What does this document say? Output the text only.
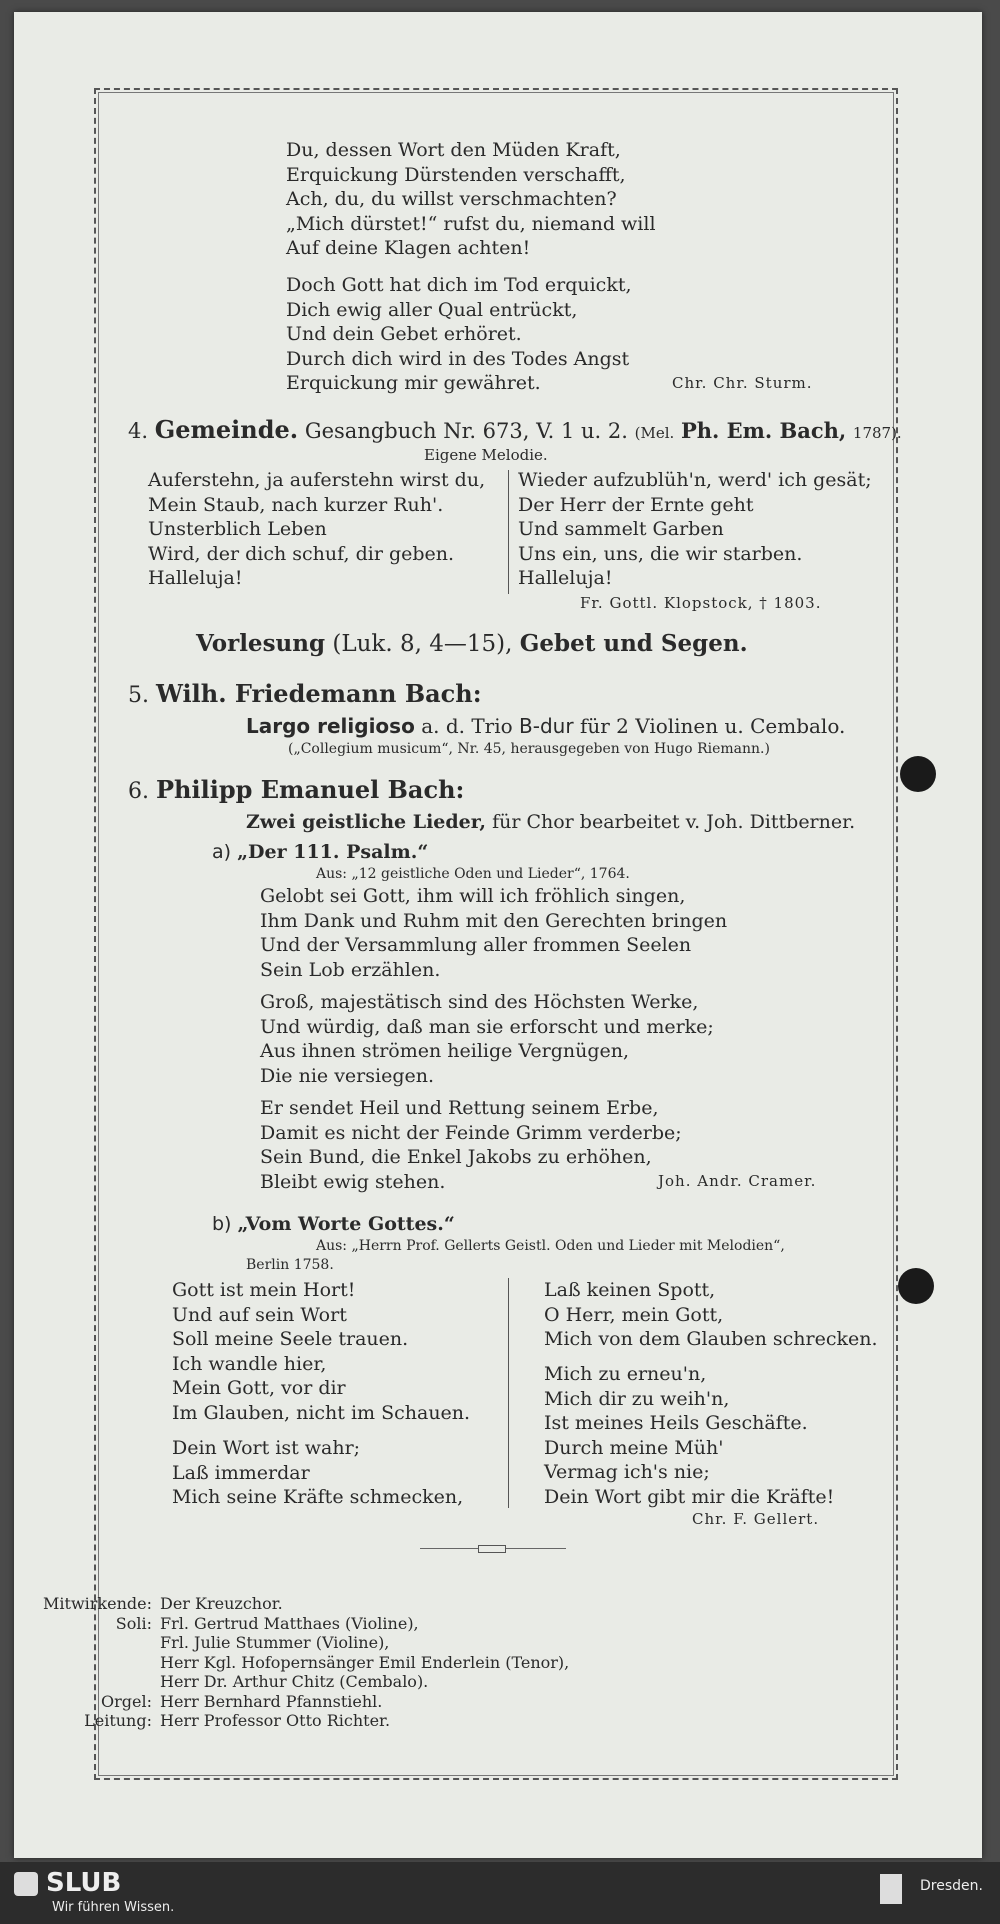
Du, dessen Wort den Müden Kraft,
Erquickung Dürstenden verschafft,
Ach, du, du willst verschmachten?
„Mich dürstet!“ rufst du, niemand will
Auf deine Klagen achten!
Doch Gott hat dich im Tod erquickt,
Dich ewig aller Qual entrückt,
Und dein Gebet erhöret.
Durch dich wird in des Todes Angst
Erquickung mir gewähret.	Chr. Chr. Sturm.
4. Gemeinde. Gesangbuch Nr. 673, V. 1 u. 2. (Mel. Ph. Em. Bach, 1787).
Eigene Melodie.
Auferstehn, ja auferstehn wirst du,
Mein Staub, nach kurzer Ruh'.
Unsterblich Leben
Wird, der dich schuf, dir geben.
Halleluja!
Wieder aufzublüh'n, werd' ich gesät;
Der Herr der Ernte geht
Und sammelt Garben
Uns ein, uns, die wir starben.
Halleluja!
Fr. Gottl. Klopstock, † 1803.
Vorlesung (Luk. 8, 4—15), Gebet und Segen.
5. Wilh. Friedemann Bach:
Largo religioso a. d. Trio B-dur für 2 Violinen u. Cembalo.
(„Collegium musicum“, Nr. 45, herausgegeben von Hugo Riemann.)
6. Philipp Emanuel Bach:
Zwei geistliche Lieder, für Chor bearbeitet v. Joh. Dittberner.
a) „Der 111. Psalm.“
Aus: „12 geistliche Oden und Lieder“, 1764.
Gelobt sei Gott, ihm will ich fröhlich singen,
Ihm Dank und Ruhm mit den Gerechten bringen
Und der Versammlung aller frommen Seelen
Sein Lob erzählen.
Groß, majestätisch sind des Höchsten Werke,
Und würdig, daß man sie erforscht und merke;
Aus ihnen strömen heilige Vergnügen,
Die nie versiegen.
Er sendet Heil und Rettung seinem Erbe,
Damit es nicht der Feinde Grimm verderbe;
Sein Bund, die Enkel Jakobs zu erhöhen,
Bleibt ewig stehen.	Joh. Andr. Cramer.
b) „Vom Worte Gottes.“
Aus: „Herrn Prof. Gellerts Geistl. Oden und Lieder mit Melodien“,
Berlin 1758.
Gott ist mein Hort!
Und auf sein Wort
Soll meine Seele trauen.
Ich wandle hier,
Mein Gott, vor dir
Im Glauben, nicht im Schauen.
Dein Wort ist wahr;
Laß immerdar
Mich seine Kräfte schmecken,
Laß keinen Spott,
O Herr, mein Gott,
Mich von dem Glauben schrecken.
Mich zu erneu'n,
Mich dir zu weih'n,
Ist meines Heils Geschäfte.
Durch meine Müh'
Vermag ich's nie;
Dein Wort gibt mir die Kräfte!
Chr. F. Gellert.
Mitwirkende: Der Kreuzchor.
Soli: Frl. Gertrud Matthaes (Violine),
Frl. Julie Stummer (Violine),
Herr Kgl. Hofopernsänger Emil Enderlein (Tenor),
Herr Dr. Arthur Chitz (Cembalo).
Orgel: Herr Bernhard Pfannstiehl.
Leitung: Herr Professor Otto Richter.
SLUB
Wir führen Wissen.
Dresden.
